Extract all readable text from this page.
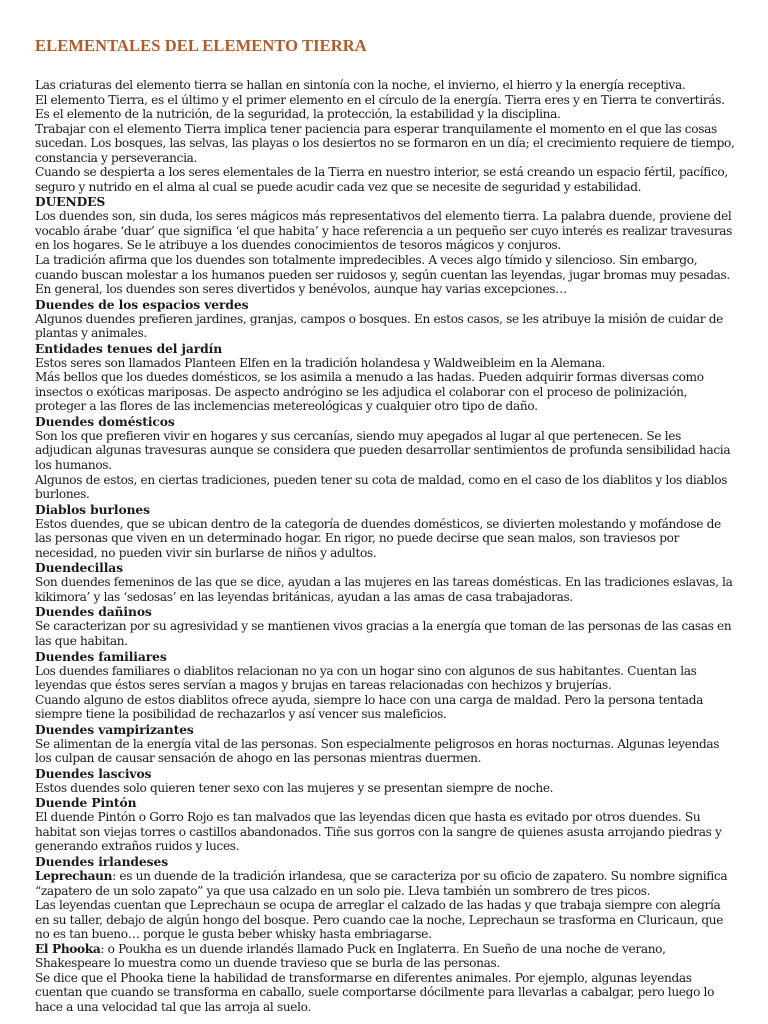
ELEMENTALES DEL ELEMENTO TIERRA

Las criaturas del elemento tierra se hallan en sintonía con la noche, el invierno, el hierro y la energía receptiva.

El elemento Tierra, es el último y el primer elemento en el círculo de la energía. Tierra eres y en Tierra te convertirás. Es el elemento de la nutrición, de la seguridad, la protección, la estabilidad y la disciplina.

Trabajar con el elemento Tierra implica tener paciencia para esperar tranquilamente el momento en el que las cosas sucedan. Los bosques, las selvas, las playas o los desiertos no se formaron en un día; el crecimiento requiere de tiempo, constancia y perseverancia.

Cuando se despierta a los seres elementales de la Tierra en nuestro interior, se está creando un espacio fértil, pacífico, seguro y nutrido en el alma al cual se puede acudir cada vez que se necesite de seguridad y estabilidad.

DUENDES

Los duendes son, sin duda, los seres mágicos más representativos del elemento tierra. La palabra duende, proviene del vocablo árabe ‘duar’ que significa ‘el que habita’ y hace referencia a un pequeño ser cuyo interés es realizar travesuras en los hogares. Se le atribuye a los duendes conocimientos de tesoros mágicos y conjuros.

La tradición afirma que los duendes son totalmente impredecibles. A veces algo tímido y silencioso. Sin embargo, cuando buscan molestar a los humanos pueden ser ruidosos y, según cuentan las leyendas, jugar bromas muy pesadas.

En general, los duendes son seres divertidos y benévolos, aunque hay varias excepciones…

Duendes de los espacios verdes

Algunos duendes prefieren jardines, granjas, campos o bosques. En estos casos, se les atribuye la misión de cuidar de plantas y animales.

Entidades tenues del jardín

Estos seres son llamados Planteen Elfen en la tradición holandesa y Waldweibleim en la Alemana.

Más bellos que los duedes domésticos, se los asimila a menudo a las hadas. Pueden adquirir formas diversas como insectos o exóticas mariposas. De aspecto andrógino se les adjudica el colaborar con el proceso de polinización, proteger a las flores de las inclemencias metereológicas y cualquier otro tipo de daño.

Duendes domésticos

Son los que prefieren vivir en hogares y sus cercanías, siendo muy apegados al lugar al que pertenecen. Se les adjudican algunas travesuras aunque se considera que pueden desarrollar sentimientos de profunda sensibilidad hacia los humanos.

Algunos de estos, en ciertas tradiciones, pueden tener su cota de maldad, como en el caso de los diablitos y los diablos burlones.

Diablos burlones

Estos duendes, que se ubican dentro de la categoría de duendes domésticos, se divierten molestando y mofándose de las personas que viven en un determinado hogar. En rigor, no puede decirse que sean malos, son traviesos por necesidad, no pueden vivir sin burlarse de niños y adultos.

Duendecillas

Son duendes femeninos de las que se dice, ayudan a las mujeres en las tareas domésticas. En las tradiciones eslavas, la kikimora’ y las ‘sedosas’ en las leyendas británicas, ayudan a las amas de casa trabajadoras.

Duendes dañinos

Se caracterizan por su agresividad y se mantienen vivos gracias a la energía que toman de las personas de las casas en las que habitan.

Duendes familiares

Los duendes familiares o diablitos relacionan no ya con un hogar sino con algunos de sus habitantes. Cuentan las leyendas que éstos seres servían a magos y brujas en tareas relacionadas con hechizos y brujerías.

Cuando alguno de estos diablitos ofrece ayuda, siempre lo hace con una carga de maldad. Pero la persona tentada siempre tiene la posibilidad de rechazarlos y así vencer sus maleficios.

Duendes vampirizantes

Se alimentan de la energía vital de las personas. Son especialmente peligrosos en horas nocturnas. Algunas leyendas los culpan de causar sensación de ahogo en las personas mientras duermen.

Duendes lascivos

Estos duendes solo quieren tener sexo con las mujeres y se presentan siempre de noche.

Duende Pintón

El duende Pintón o Gorro Rojo es tan malvados que las leyendas dicen que hasta es evitado por otros duendes. Su habitat son viejas torres o castillos abandonados. Tiñe sus gorros con la sangre de quienes asusta arrojando piedras y generando extraños ruidos y luces.

Duendes irlandeses

Leprechaun: es un duende de la tradición irlandesa, que se caracteriza por su oficio de zapatero. Su nombre significa “zapatero de un solo zapato” ya que usa calzado en un solo pie. Lleva también un sombrero de tres picos.

Las leyendas cuentan que Leprechaun se ocupa de arreglar el calzado de las hadas y que trabaja siempre con alegría en su taller, debajo de algún hongo del bosque. Pero cuando cae la noche, Leprechaun se trasforma en Cluricaun, que no es tan bueno… porque le gusta beber whisky hasta embriagarse.

El Phooka: o Poukha es un duende irlandés llamado Puck en Inglaterra. En Sueño de una noche de verano, Shakespeare lo muestra como un duende travieso que se burla de las personas.

Se dice que el Phooka tiene la habilidad de transformarse en diferentes animales. Por ejemplo, algunas leyendas cuentan que cuando se transforma en caballo, suele comportarse dócilmente para llevarlas a cabalgar, pero luego lo hace a una velocidad tal que las arroja al suelo.
